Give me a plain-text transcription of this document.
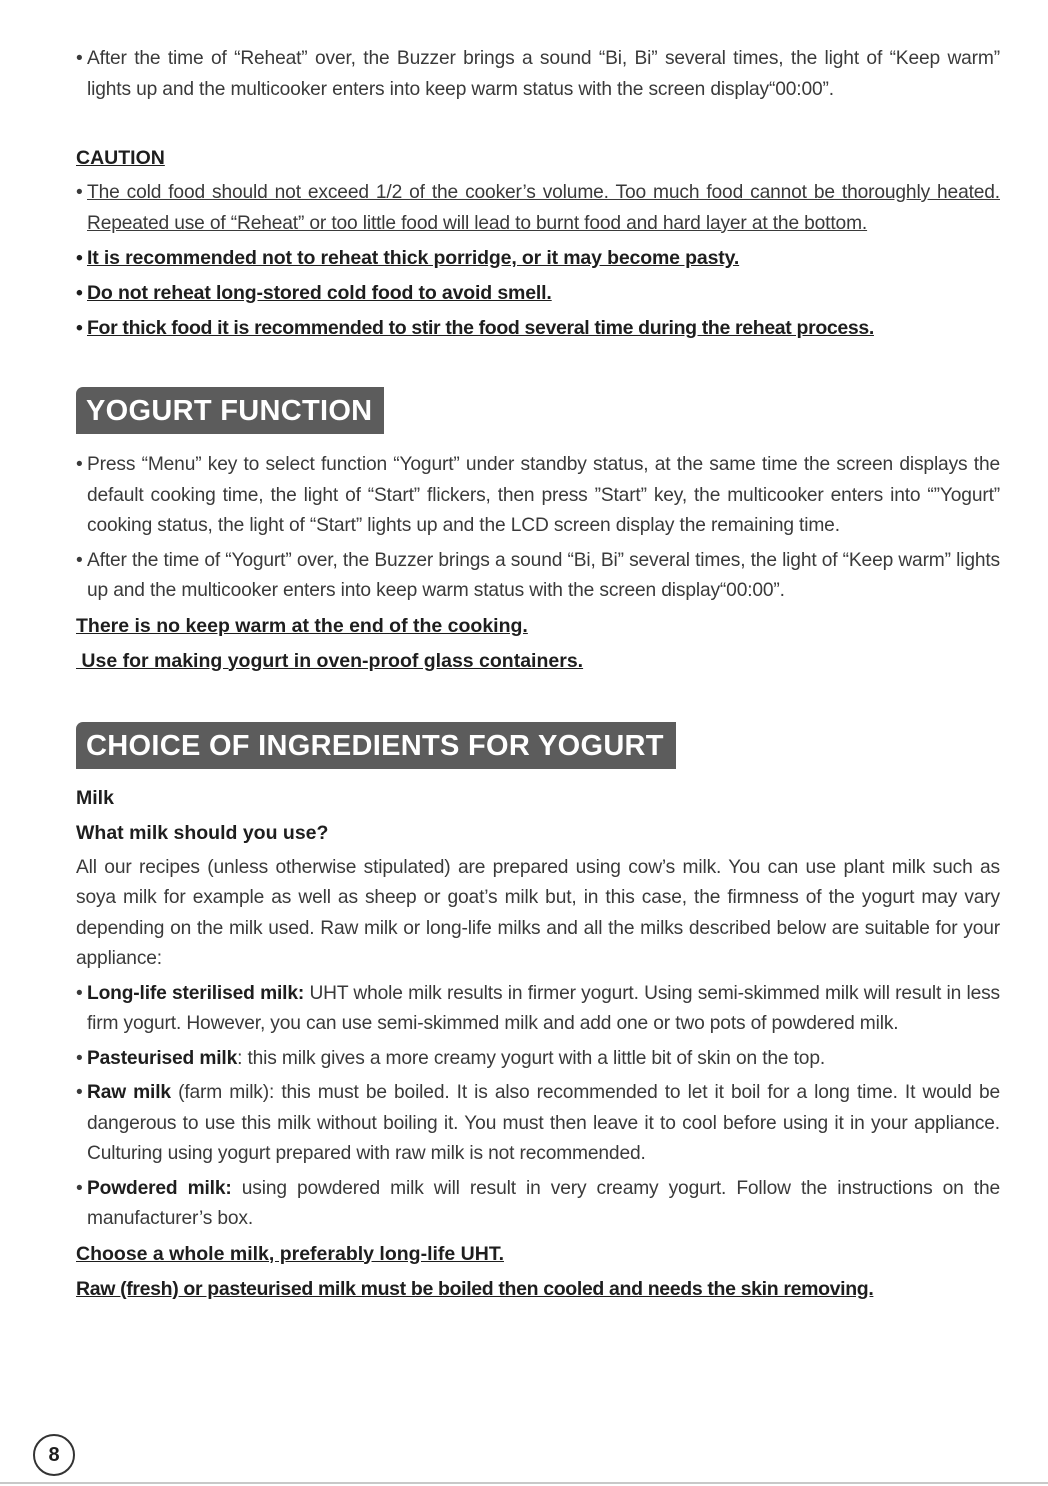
• After the time of “Reheat” over, the Buzzer brings a sound “Bi, Bi” several times, the light of “Keep warm” lights up and the multicooker enters into keep warm status with the screen display“00:00”.

CAUTION

• The cold food should not exceed 1/2 of the cooker’s volume. Too much food cannot be thoroughly heated. Repeated use of “Reheat” or too little food will lead to burnt food and hard layer at the bottom.

• It is recommended not to reheat thick porridge, or it may become pasty.

• Do not reheat long-stored cold food to avoid smell.

• For thick food it is recommended to stir the food several time during the reheat process.

YOGURT FUNCTION

• Press “Menu” key to select function “Yogurt” under standby status, at the same time the screen displays the default cooking time, the light of “Start” flickers, then press ”Start” key, the multicooker enters into “”Yogurt” cooking status, the light of “Start” lights up and the LCD screen display the remaining time.

• After the time of “Yogurt” over, the Buzzer brings a sound “Bi, Bi” several times, the light of “Keep warm” lights up and the multicooker enters into keep warm status with the screen display“00:00”.

There is no keep warm at the end of the cooking.
Use for making yogurt in oven-proof glass containers.
CHOICE OF INGREDIENTS FOR YOGURT
Milk
What milk should you use?

All our recipes (unless otherwise stipulated) are prepared using cow’s milk. You can use plant milk such as soya milk for example as well as sheep or goat’s milk but, in this case, the firmness of the yogurt may vary depending on the milk used. Raw milk or long-life milks and all the milks described below are suitable for your appliance:

• Long-life sterilised milk: UHT whole milk results in firmer yogurt. Using semi-skimmed milk will result in less firm yogurt. However, you can use semi-skimmed milk and add one or two pots of powdered milk.

• Pasteurised milk: this milk gives a more creamy yogurt with a little bit of skin on the top.

• Raw milk (farm milk): this must be boiled. It is also recommended to let it boil for a long time. It would be dangerous to use this milk without boiling it. You must then leave it to cool before using it in your appliance. Culturing using yogurt prepared with raw milk is not recommended.

• Powdered milk: using powdered milk will result in very creamy yogurt. Follow the instructions on the manufacturer’s box.

Choose a whole milk, preferably long-life UHT.
Raw (fresh) or pasteurised milk must be boiled then cooled and needs the skin removing.
8
